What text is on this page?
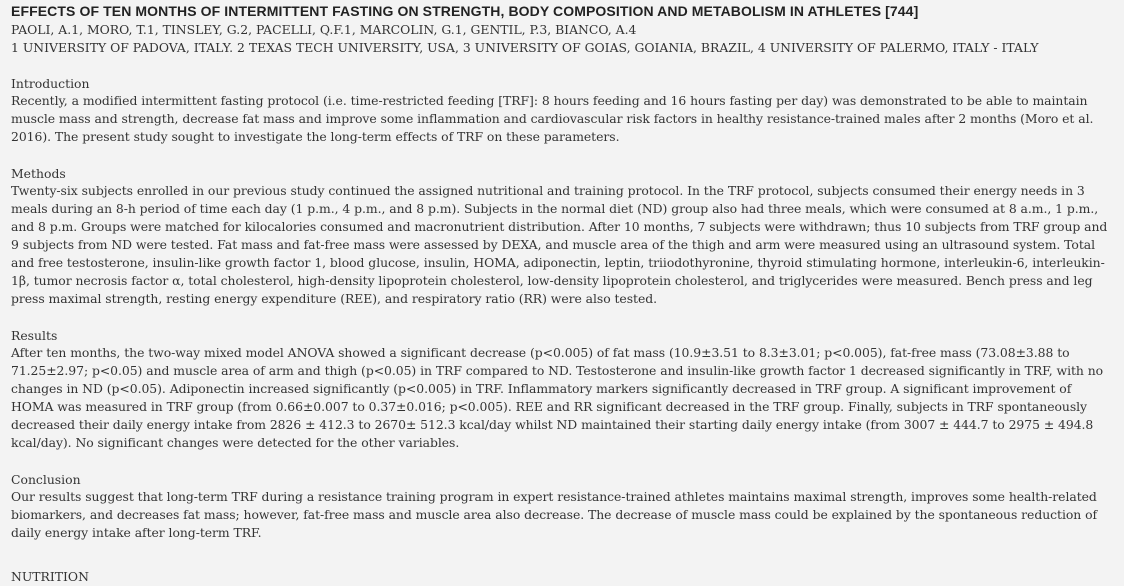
EFFECTS OF TEN MONTHS OF INTERMITTENT FASTING ON STRENGTH, BODY COMPOSITION AND METABOLISM IN ATHLETES [744]

PAOLI, A.1, MORO, T.1, TINSLEY, G.2, PACELLI, Q.F.1, MARCOLIN, G.1, GENTIL, P.3, BIANCO, A.4

1 UNIVERSITY OF PADOVA, ITALY. 2 TEXAS TECH UNIVERSITY, USA, 3 UNIVERSITY OF GOIAS, GOIANIA, BRAZIL, 4 UNIVERSITY OF PALERMO, ITALY - ITALY

Introduction

Recently, a modified intermittent fasting protocol (i.e. time-restricted feeding [TRF]: 8 hours feeding and 16 hours fasting per day) was demonstrated to be able to maintain muscle mass and strength, decrease fat mass and improve some inflammation and cardiovascular risk factors in healthy resistance-trained males after 2 months (Moro et al. 2016). The present study sought to investigate the long-term effects of TRF on these parameters.

Methods

Twenty-six subjects enrolled in our previous study continued the assigned nutritional and training protocol. In the TRF protocol, subjects consumed their energy needs in 3 meals during an 8-h period of time each day (1 p.m., 4 p.m., and 8 p.m). Subjects in the normal diet (ND) group also had three meals, which were consumed at 8 a.m., 1 p.m., and 8 p.m. Groups were matched for kilocalories consumed and macronutrient distribution. After 10 months, 7 subjects were withdrawn; thus 10 subjects from TRF group and 9 subjects from ND were tested. Fat mass and fat-free mass were assessed by DEXA, and muscle area of the thigh and arm were measured using an ultrasound system. Total and free testosterone, insulin-like growth factor 1, blood glucose, insulin, HOMA, adiponectin, leptin, triiodothyronine, thyroid stimulating hormone, interleukin-6, interleukin-1β, tumor necrosis factor α, total cholesterol, high-density lipoprotein cholesterol, low-density lipoprotein cholesterol, and triglycerides were measured. Bench press and leg press maximal strength, resting energy expenditure (REE), and respiratory ratio (RR) were also tested.

Results

After ten months, the two-way mixed model ANOVA showed a significant decrease (p<0.005) of fat mass (10.9±3.51 to 8.3±3.01; p<0.005), fat-free mass (73.08±3.88 to 71.25±2.97; p<0.05) and muscle area of arm and thigh (p<0.05) in TRF compared to ND. Testosterone and insulin-like growth factor 1 decreased significantly in TRF, with no changes in ND (p<0.05). Adiponectin increased significantly (p<0.005) in TRF. Inflammatory markers significantly decreased in TRF group. A significant improvement of HOMA was measured in TRF group (from 0.66±0.007 to 0.37±0.016; p<0.005). REE and RR significant decreased in the TRF group. Finally, subjects in TRF spontaneously decreased their daily energy intake from 2826 ± 412.3 to 2670± 512.3 kcal/day whilst ND maintained their starting daily energy intake (from 3007 ± 444.7 to 2975 ± 494.8 kcal/day). No significant changes were detected for the other variables.

Conclusion

Our results suggest that long-term TRF during a resistance training program in expert resistance-trained athletes maintains maximal strength, improves some health-related biomarkers, and decreases fat mass; however, fat-free mass and muscle area also decrease. The decrease of muscle mass could be explained by the spontaneous reduction of daily energy intake after long-term TRF.

NUTRITION
